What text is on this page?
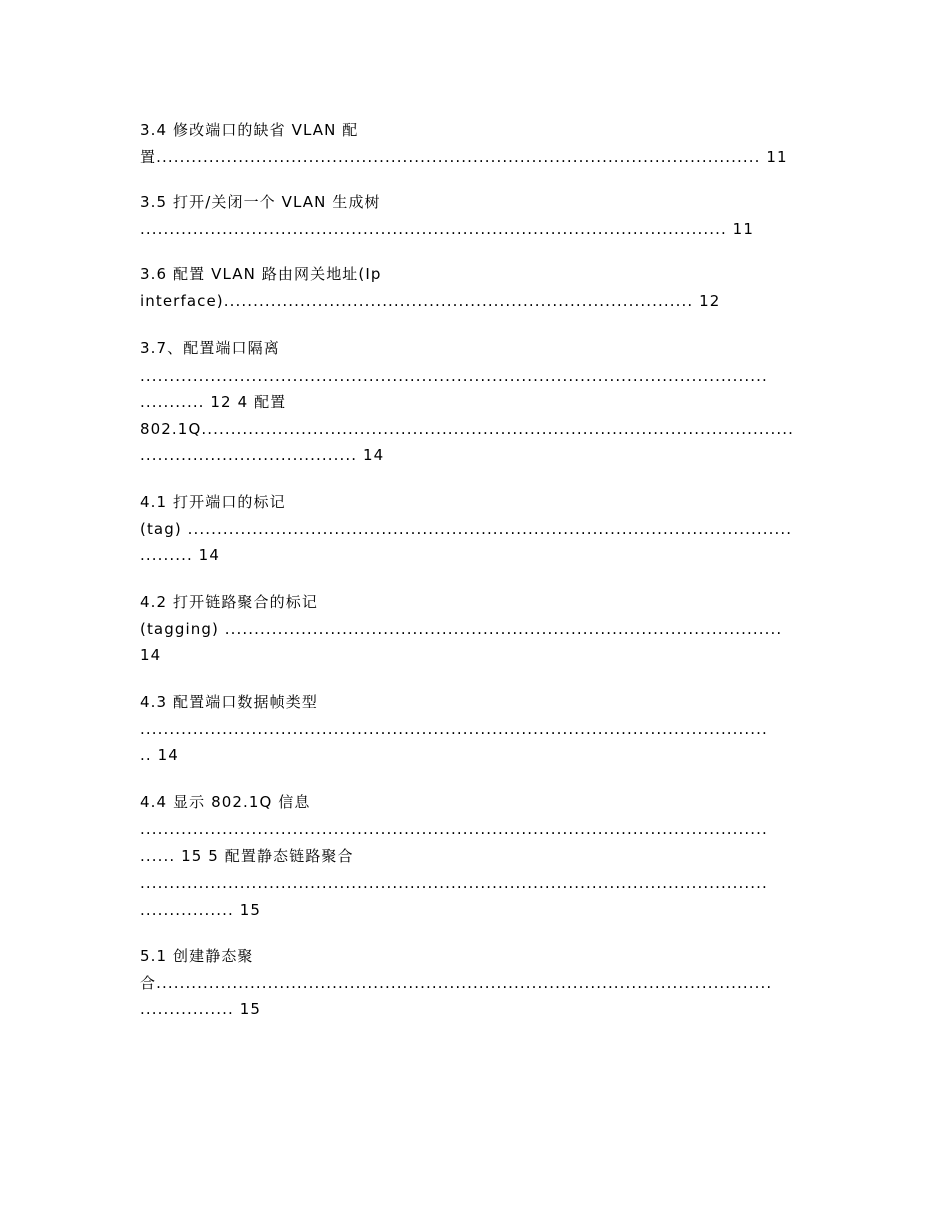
3.4 修改端口的缺省 VLAN 配
置....................................................................................................... 11
3.5 打开/关闭一个 VLAN 生成树
.................................................................................................... 11
3.6 配置 VLAN 路由网关地址(Ip
interface)................................................................................ 12
3.7、配置端口隔离
...........................................................................................................
........... 12 4 配置
802.1Q.....................................................................................................
..................................... 14
4.1 打开端口的标记
(tag) .......................................................................................................
......... 14
4.2 打开链路聚合的标记
(tagging) ...............................................................................................
14
4.3 配置端口数据帧类型
...........................................................................................................
.. 14
4.4 显示 802.1Q 信息
...........................................................................................................
...... 15 5 配置静态链路聚合
...........................................................................................................
................ 15
5.1 创建静态聚
合.........................................................................................................
................ 15
